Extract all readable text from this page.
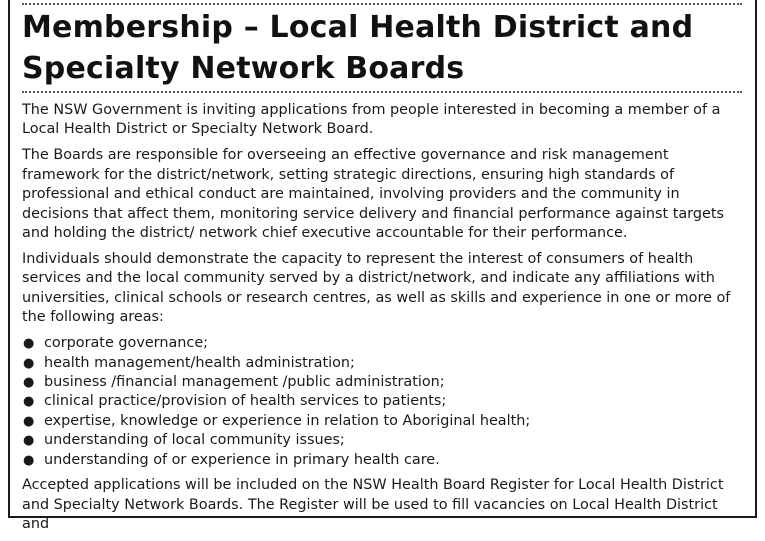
Membership – Local Health District and Specialty Network Boards

The NSW Government is inviting applications from people interested in becoming a member of a Local Health District or Specialty Network Board.

The Boards are responsible for overseeing an effective governance and risk management framework for the district/network, setting strategic directions, ensuring high standards of professional and ethical conduct are maintained, involving providers and the community in decisions that affect them, monitoring service delivery and financial performance against targets and holding the district/ network chief executive accountable for their performance.

Individuals should demonstrate the capacity to represent the interest of consumers of health services and the local community served by a district/network, and indicate any affiliations with universities, clinical schools or research centres, as well as skills and experience in one or more of the following areas:

● corporate governance;
● health management/health administration;
● business /financial management /public administration;
● clinical practice/provision of health services to patients;
● expertise, knowledge or experience in relation to Aboriginal health;
● understanding of local community issues;
● understanding of or experience in primary health care.

Accepted applications will be included on the NSW Health Board Register for Local Health District and Specialty Network Boards. The Register will be used to fill vacancies on Local Health District and
